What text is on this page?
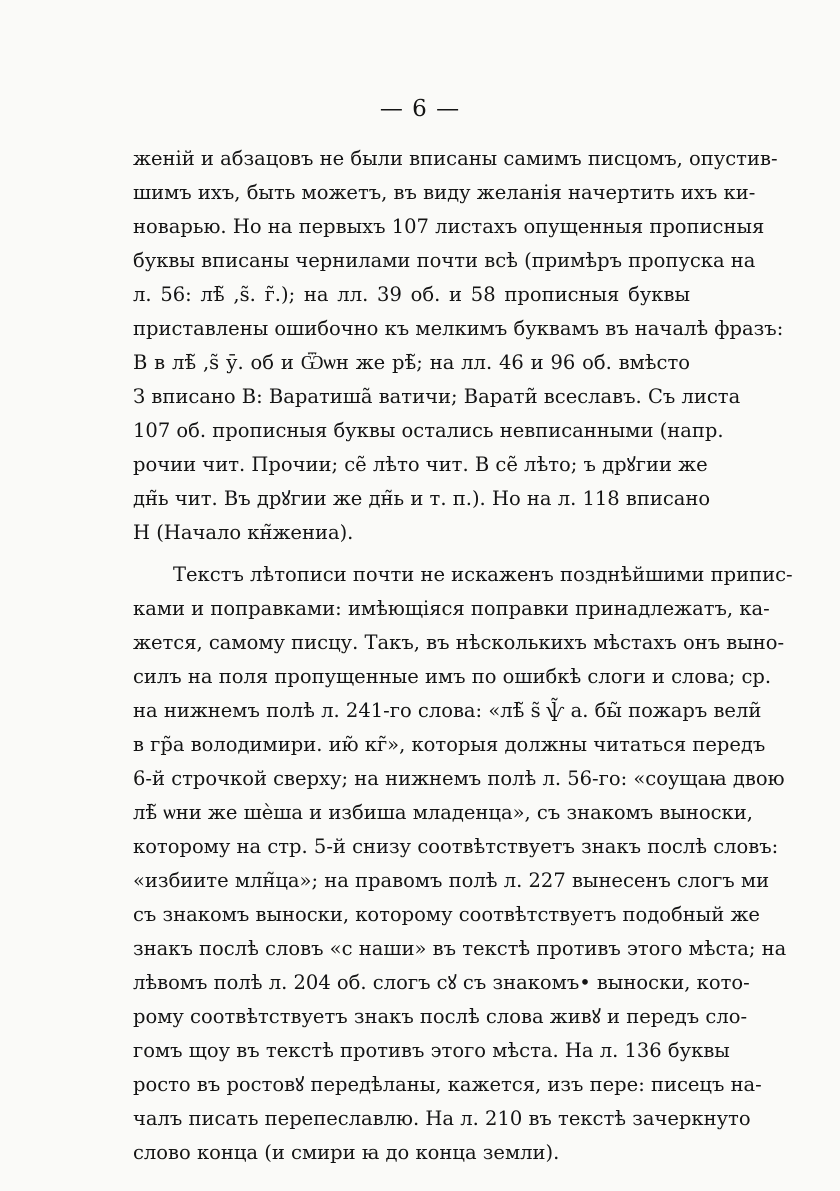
— 6 —
женій и абзацовъ не были вписаны самимъ писцомъ, опустив-
шимъ ихъ, быть можетъ, въ виду желанія начертить ихъ ки-
новарью. Но на первыхъ 107 листахъ опущенныя прописныя
буквы вписаны чернилами почти всѣ (примѣръ пропуска на
л. 56: лѣ̃ ,ѕ̃. г̃.); на лл. 39 об. и 58 прописныя буквы
приставлены ошибочно къ мелкимъ буквамъ въ началѣ фразъ:
В в лѣ̃ ,ѕ̃ ӯ. об и Ѿѡн же рѣ̃; на лл. 46 и 96 об. вмѣсто
З вписано В: Варатиша̃ ватичи; Варати̃ всеславъ. Съ листа
107 об. прописныя буквы остались невписанными (напр.
рочии чит. Прочии; се̃ лѣто чит. В се̃ лѣто; ъ дрꙋгии же
дн̃ь чит. Въ дрꙋгии же дн̃ь и т. п.). Но на л. 118 вписано
Н (Начало кн̃жениа).
Текстъ лѣтописи почти не искаженъ позднѣйшими припис-
ками и поправками: имѣющіяся поправки принадлежатъ, ка-
жется, самому писцу. Такъ, въ нѣсколькихъ мѣстахъ онъ выно-
силъ на поля пропущенные имъ по ошибкѣ слоги и слова; ср.
на нижнемъ полѣ л. 241-го слова: «лѣ̃ ѕ̃ ѱ̃ а. бы̃ пожаръ вели̃
в гр̃а володимири. ию̃ кг̃», которыя должны читаться передъ
6-й строчкой сверху; на нижнемъ полѣ л. 56-го: «соущаꙗ двою
лѣ̃ ѡни же шѐша и избиша младенца», съ знакомъ выноски,
которому на стр. 5-й снизу соотвѣтствуетъ знакъ послѣ словъ:
«избиите млн̃ца»; на правомъ полѣ л. 227 вынесенъ слогъ ми
съ знакомъ выноски, которому соотвѣтствуетъ подобный же
знакъ послѣ словъ «с наши» въ текстѣ противъ этого мѣста; на
лѣвомъ полѣ л. 204 об. слогъ сꙋ съ знакомъ• выноски, кото-
рому соотвѣтствуетъ знакъ послѣ слова живꙋ и передъ сло-
гомъ щоу въ текстѣ противъ этого мѣста. На л. 136 буквы
росто въ ростовꙋ передѣланы, кажется, изъ пере: писецъ на-
чалъ писать перепеславлю. На л. 210 въ текстѣ зачеркнуто
слово конца (и смири ꙗ до конца земли).
